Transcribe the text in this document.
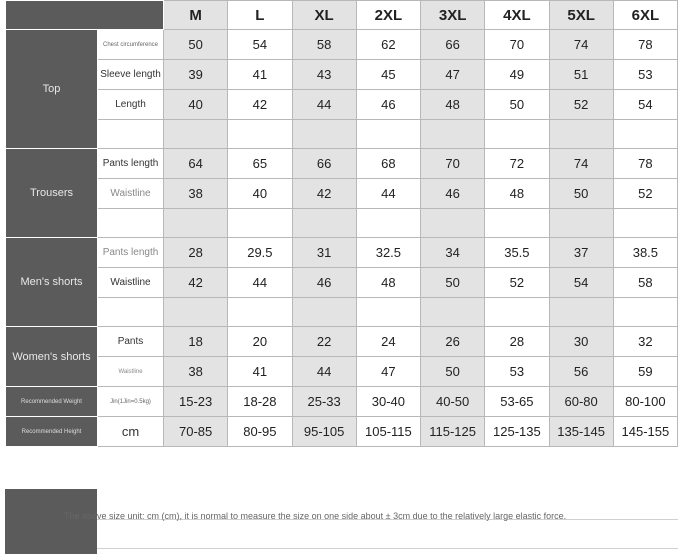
		M	L	XL	2XL	3XL	4XL	5XL	6XL
Top	Chest circumference	50	54	58	62	66	70	74	78
	Sleeve length	39	41	43	45	47	49	51	53
	Length	40	42	44	46	48	50	52	54

Trousers	Pants length	64	65	66	68	70	72	74	78
	Waistline	38	40	42	44	46	48	50	52

Men's shorts	Pants length	28	29.5	31	32.5	34	35.5	37	38.5
	Waistline	42	44	46	48	50	52	54	58

Women's shorts	Pants	18	20	22	24	26	28	30	32
	Waistline	38	41	44	47	50	53	56	59
Recommended Weight	Jin(1Jin=0.5kg)	15-23	18-28	25-33	30-40	40-50	53-65	60-80	80-100
Recommended Height	cm	70-85	80-95	95-105	105-115	115-125	125-135	135-145	145-155
The above size unit: cm (cm), it is normal to measure the size on one side about ± 3cm due to the relatively large elastic force.
